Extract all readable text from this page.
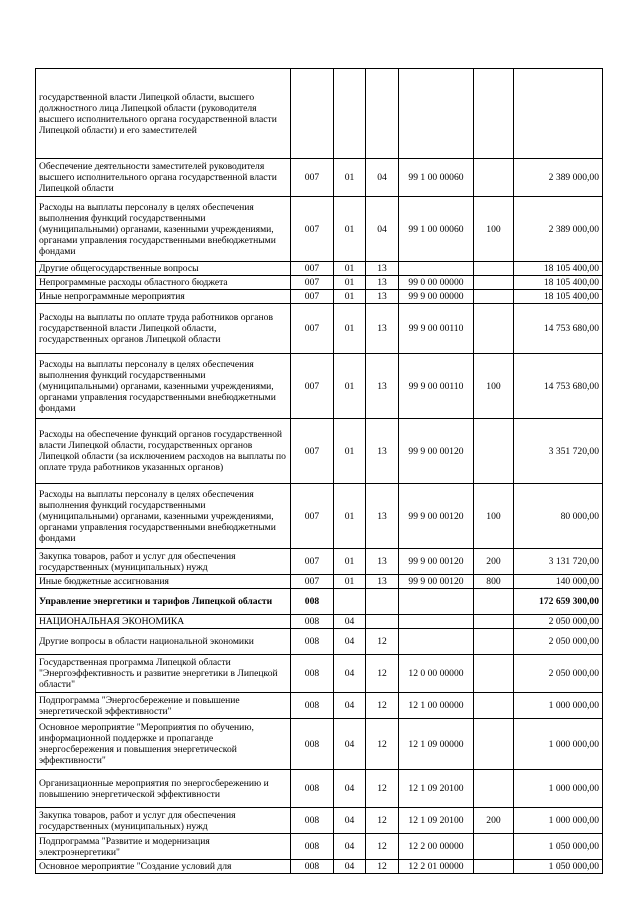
государственной власти Липецкой области, высшего должностного лица Липецкой области (руководителя высшего исполнительного органа государственной власти Липецкой области) и его заместителей						
Обеспечение деятельности заместителей руководителя высшего исполнительного органа государственной власти Липецкой области	007	01	04	99 1 00 00060		2 389 000,00
Расходы на выплаты персоналу в целях обеспечения выполнения функций государственными (муниципальными) органами, казенными учреждениями, органами управления государственными внебюджетными фондами	007	01	04	99 1 00 00060	100	2 389 000,00
Другие общегосударственные вопросы	007	01	13			18 105 400,00
Непрограммные расходы областного бюджета	007	01	13	99 0 00 00000		18 105 400,00
Иные непрограммные мероприятия	007	01	13	99 9 00 00000		18 105 400,00
Расходы на выплаты по оплате труда работников органов государственной власти Липецкой области, государственных органов Липецкой области	007	01	13	99 9 00 00110		14 753 680,00
Расходы на выплаты персоналу в целях обеспечения выполнения функций государственными (муниципальными) органами, казенными учреждениями, органами управления государственными внебюджетными фондами	007	01	13	99 9 00 00110	100	14 753 680,00
Расходы на обеспечение функций органов государственной власти Липецкой области, государственных органов Липецкой области (за исключением расходов на выплаты по оплате труда работников указанных органов)	007	01	13	99 9 00 00120		3 351 720,00
Расходы на выплаты персоналу в целях обеспечения выполнения функций государственными (муниципальными) органами, казенными учреждениями, органами управления государственными внебюджетными фондами	007	01	13	99 9 00 00120	100	80 000,00
Закупка товаров, работ и услуг для обеспечения государственных (муниципальных) нужд	007	01	13	99 9 00 00120	200	3 131 720,00
Иные бюджетные ассигнования	007	01	13	99 9 00 00120	800	140 000,00
Управление энергетики и тарифов Липецкой области	008					172 659 300,00
НАЦИОНАЛЬНАЯ ЭКОНОМИКА	008	04				2 050 000,00
Другие вопросы в области национальной экономики	008	04	12			2 050 000,00
Государственная программа Липецкой области "Энергоэффективность и развитие энергетики в Липецкой области"	008	04	12	12 0 00 00000		2 050 000,00
Подпрограмма "Энергосбережение и повышение энергетической эффективности"	008	04	12	12 1 00 00000		1 000 000,00
Основное мероприятие "Мероприятия по обучению, информационной поддержке и пропаганде энергосбережения и повышения энергетической эффективности"	008	04	12	12 1 09 00000		1 000 000,00
Организационные мероприятия по энергосбережению и повышению энергетической эффективности	008	04	12	12 1 09 20100		1 000 000,00
Закупка товаров, работ и услуг для обеспечения государственных (муниципальных) нужд	008	04	12	12 1 09 20100	200	1 000 000,00
Подпрограмма "Развитие и модернизация электроэнергетики"	008	04	12	12 2 00 00000		1 050 000,00
Основное мероприятие "Создание условий для	008	04	12	12 2 01 00000		1 050 000,00
